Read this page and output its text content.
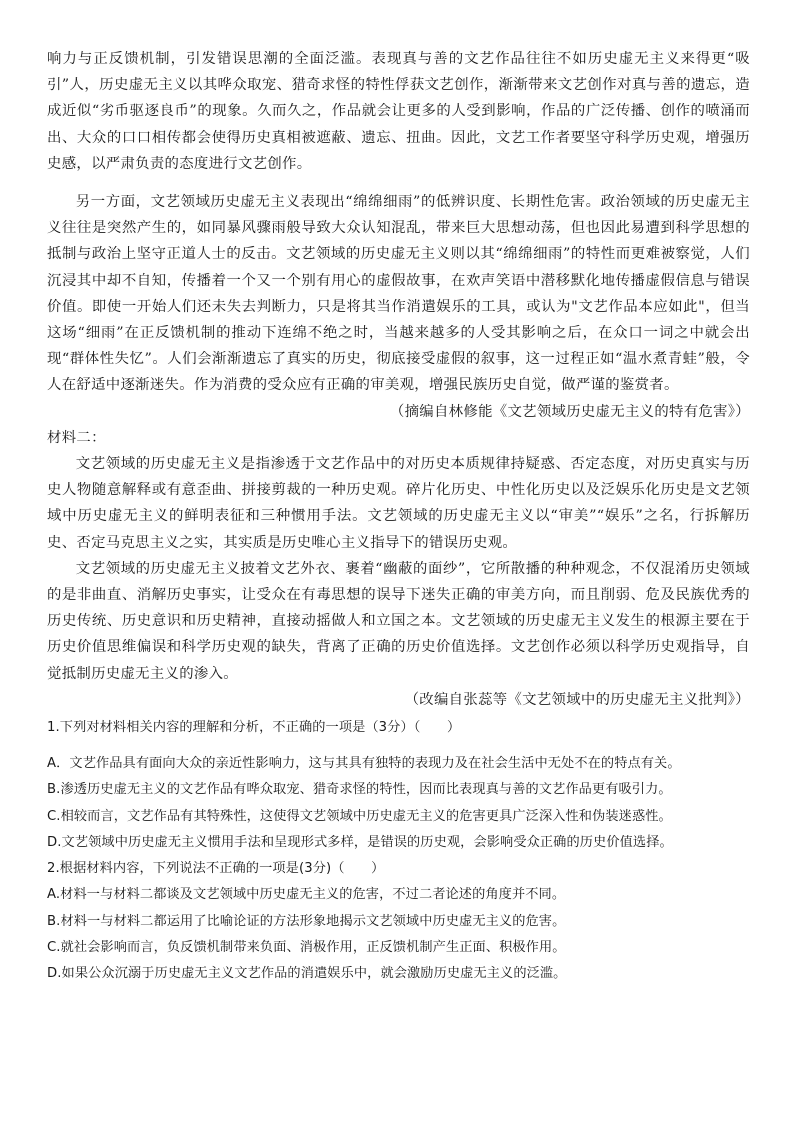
响力与正反馈机制，引发错误思潮的全面泛滥。表现真与善的文艺作品往往不如历史虚无主义来得更“吸引”人，历史虚无主义以其哗众取宠、猎奇求怪的特性俘获文艺创作，渐渐带来文艺创作对真与善的遗忘，造成近似“劣币驱逐良币”的现象。久而久之，作品就会让更多的人受到影响，作品的广泛传播、创作的喷涌而出、大众的口口相传都会使得历史真相被遮蔽、遗忘、扭曲。因此，文艺工作者要坚守科学历史观，增强历史感，以严肃负责的态度进行文艺创作。

另一方面，文艺领域历史虚无主义表现出“绵绵细雨”的低辨识度、长期性危害。政治领域的历史虚无主义往往是突然产生的，如同暴风骤雨般导致大众认知混乱，带来巨大思想动荡，但也因此易遭到科学思想的抵制与政治上坚守正道人士的反击。文艺领域的历史虚无主义则以其“绵绵细雨”的特性而更难被察觉，人们沉浸其中却不自知，传播着一个又一个别有用心的虚假故事，在欢声笑语中潜移默化地传播虚假信息与错误价值。即使一开始人们还未失去判断力，只是将其当作消遣娱乐的工具，或认为"文艺作品本应如此"，但当这场“细雨”在正反馈机制的推动下连绵不绝之时，当越来越多的人受其影响之后，在众口一词之中就会出现“群体性失忆”。人们会渐渐遗忘了真实的历史，彻底接受虚假的叙事，这一过程正如“温水煮青蛙”般，令人在舒适中逐渐迷失。作为消费的受众应有正确的审美观，增强民族历史自觉，做严谨的鉴赏者。

（摘编自林修能《文艺领域历史虚无主义的特有危害》）

材料二：

文艺领域的历史虚无主义是指渗透于文艺作品中的对历史本质规律持疑惑、否定态度，对历史真实与历史人物随意解释或有意歪曲、拼接剪裁的一种历史观。碎片化历史、中性化历史以及泛娱乐化历史是文艺领域中历史虚无主义的鲜明表征和三种惯用手法。文艺领域的历史虚无主义以“审美”“娱乐”之名，行拆解历史、否定马克思主义之实，其实质是历史唯心主义指导下的错误历史观。

文艺领域的历史虚无主义披着文艺外衣、裹着“幽蔽的面纱”，它所散播的种种观念，不仅混淆历史领域的是非曲直、消解历史事实，让受众在有毒思想的误导下迷失正确的审美方向，而且削弱、危及民族优秀的历史传统、历史意识和历史精神，直接动摇做人和立国之本。文艺领域的历史虚无主义发生的根源主要在于历史价值思维偏误和科学历史观的缺失，背离了正确的历史价值选择。文艺创作必须以科学历史观指导，自觉抵制历史虚无主义的渗入。

（改编自张蕊等《文艺领域中的历史虚无主义批判》）

1.下列对材料相关内容的理解和分析，不正确的一项是（3分）（　　）

A．文艺作品具有面向大众的亲近性影响力，这与其具有独特的表现力及在社会生活中无处不在的特点有关。

B.渗透历史虚无主义的文艺作品有哗众取宠、猎奇求怪的特性，因而比表现真与善的文艺作品更有吸引力。

C.相较而言，文艺作品有其特殊性，这使得文艺领域中历史虚无主义的危害更具广泛深入性和伪装迷惑性。

D.文艺领域中历史虚无主义惯用手法和呈现形式多样，是错误的历史观，会影响受众正确的历史价值选择。

2.根据材料内容，下列说法不正确的一项是(3分)（　　）

A.材料一与材料二都谈及文艺领域中历史虚无主义的危害，不过二者论述的角度并不同。

B.材料一与材料二都运用了比喻论证的方法形象地揭示文艺领域中历史虚无主义的危害。

C.就社会影响而言，负反馈机制带来负面、消极作用，正反馈机制产生正面、积极作用。

D.如果公众沉溺于历史虚无主义文艺作品的消遣娱乐中，就会激励历史虚无主义的泛滥。
